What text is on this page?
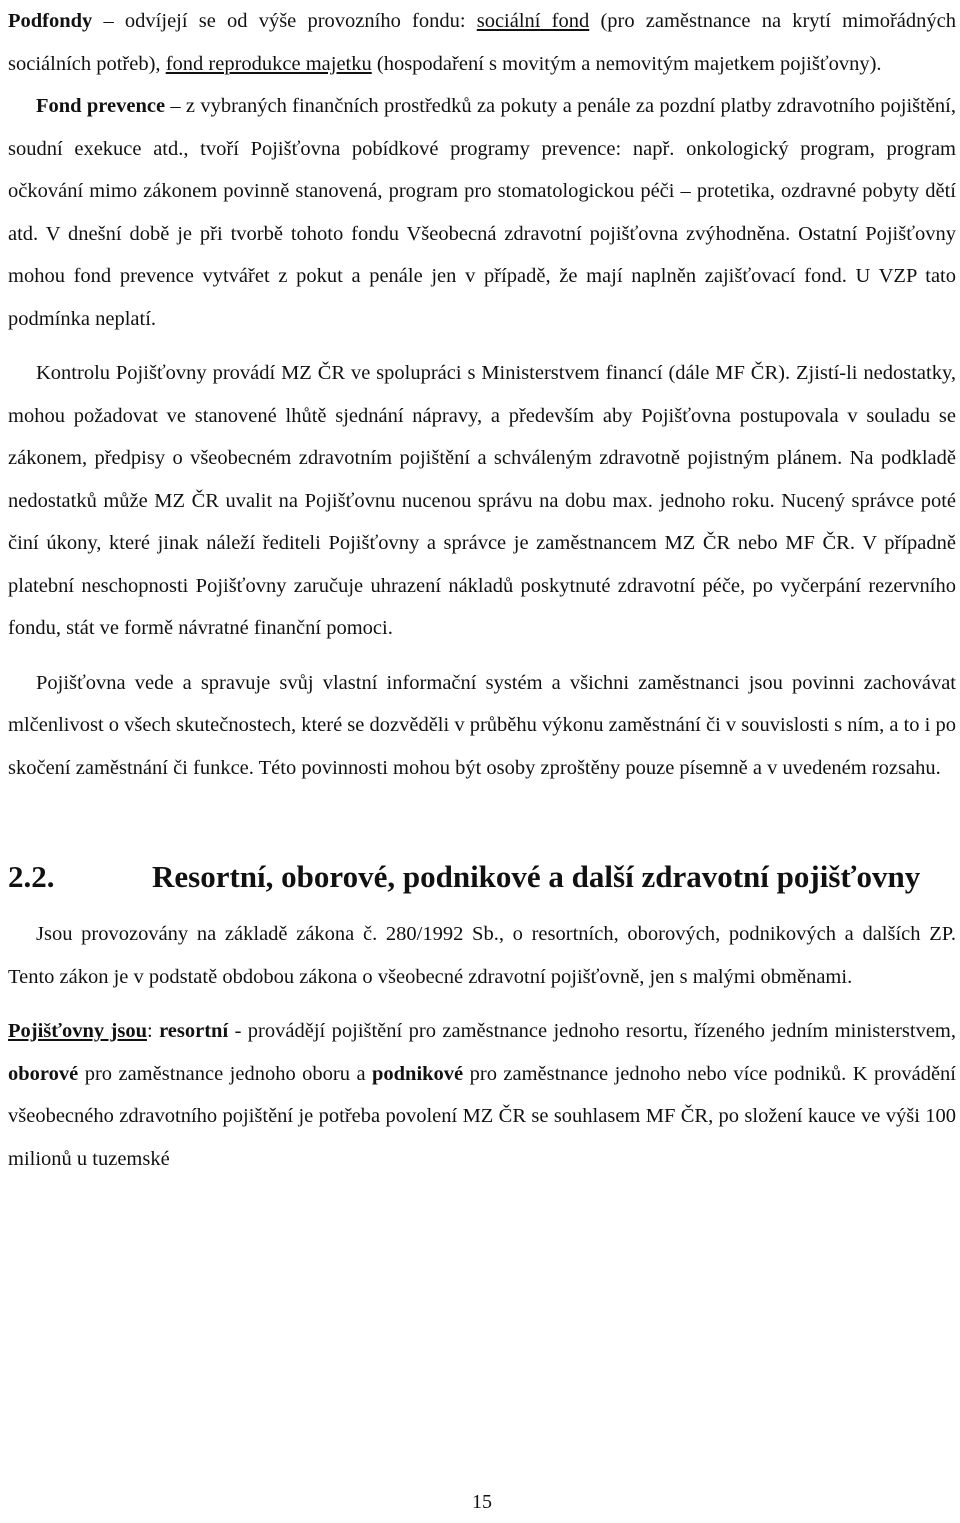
Podfondy – odvíjejí se od výše provozního fondu: sociální fond (pro zaměstnance na krytí mimořádných sociálních potřeb), fond reprodukce majetku (hospodaření s movitým a nemovitým majetkem pojišťovny).

Fond prevence – z vybraných finančních prostředků za pokuty a penále za pozdní platby zdravotního pojištění, soudní exekuce atd., tvoří Pojišťovna pobídkové programy prevence: např. onkologický program, program očkování mimo zákonem povinně stanovená, program pro stomatologickou péči – protetika, ozdravné pobyty dětí atd. V dnešní době je při tvorbě tohoto fondu Všeobecná zdravotní pojišťovna zvýhodněna. Ostatní Pojišťovny mohou fond prevence vytvářet z pokut a penále jen v případě, že mají naplněn zajišťovací fond. U VZP tato podmínka neplatí.

Kontrolu Pojišťovny provádí MZ ČR ve spolupráci s Ministerstvem financí (dále MF ČR). Zjistí-li nedostatky, mohou požadovat ve stanovené lhůtě sjednání nápravy, a především aby Pojišťovna postupovala v souladu se zákonem, předpisy o všeobecném zdravotním pojištění a schváleným zdravotně pojistným plánem. Na podkladě nedostatků může MZ ČR uvalit na Pojišťovnu nucenou správu na dobu max. jednoho roku. Nucený správce poté činí úkony, které jinak náleží řediteli Pojišťovny a správce je zaměstnancem MZ ČR nebo MF ČR. V případně platební neschopnosti Pojišťovny zaručuje uhrazení nákladů poskytnuté zdravotní péče, po vyčerpání rezervního fondu, stát ve formě návratné finanční pomoci.

Pojišťovna vede a spravuje svůj vlastní informační systém a všichni zaměstnanci jsou povinni zachovávat mlčenlivost o všech skutečnostech, které se dozvěděli v průběhu výkonu zaměstnání či v souvislosti s ním, a to i po skočení zaměstnání či funkce. Této povinnosti mohou být osoby zproštěny pouze písemně a v uvedeném rozsahu.

2.2.	Resortní, oborové, podnikové a další zdravotní pojišťovny

Jsou provozovány na základě zákona č. 280/1992 Sb., o resortních, oborových, podnikových a dalších ZP. Tento zákon je v podstatě obdobou zákona o všeobecné zdravotní pojišťovně, jen s malými obměnami.

Pojišťovny jsou: resortní - provádějí pojištění pro zaměstnance jednoho resortu, řízeného jedním ministerstvem, oborové pro zaměstnance jednoho oboru a podnikové pro zaměstnance jednoho nebo více podniků. K provádění všeobecného zdravotního pojištění je potřeba povolení MZ ČR se souhlasem MF ČR, po složení kauce ve výši 100 milionů u tuzemské

15
